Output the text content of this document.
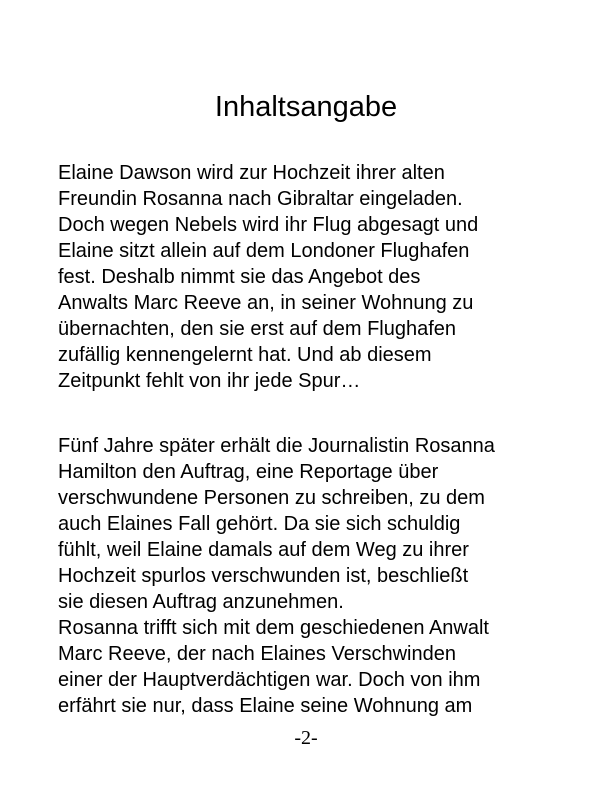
Inhaltsangabe

Elaine Dawson wird zur Hochzeit ihrer alten
Freundin Rosanna nach Gibraltar eingeladen.
Doch wegen Nebels wird ihr Flug abgesagt und
Elaine sitzt allein auf dem Londoner Flughafen
fest. Deshalb nimmt sie das Angebot des
Anwalts Marc Reeve an, in seiner Wohnung zu
übernachten, den sie erst auf dem Flughafen
zufällig kennengelernt hat. Und ab diesem
Zeitpunkt fehlt von ihr jede Spur…

Fünf Jahre später erhält die Journalistin Rosanna
Hamilton den Auftrag, eine Reportage über
verschwundene Personen zu schreiben, zu dem
auch Elaines Fall gehört. Da sie sich schuldig
fühlt, weil Elaine damals auf dem Weg zu ihrer
Hochzeit spurlos verschwunden ist, beschließt
sie diesen Auftrag anzunehmen.
Rosanna trifft sich mit dem geschiedenen Anwalt
Marc Reeve, der nach Elaines Verschwinden
einer der Hauptverdächtigen war. Doch von ihm
erfährt sie nur, dass Elaine seine Wohnung am

-2-
